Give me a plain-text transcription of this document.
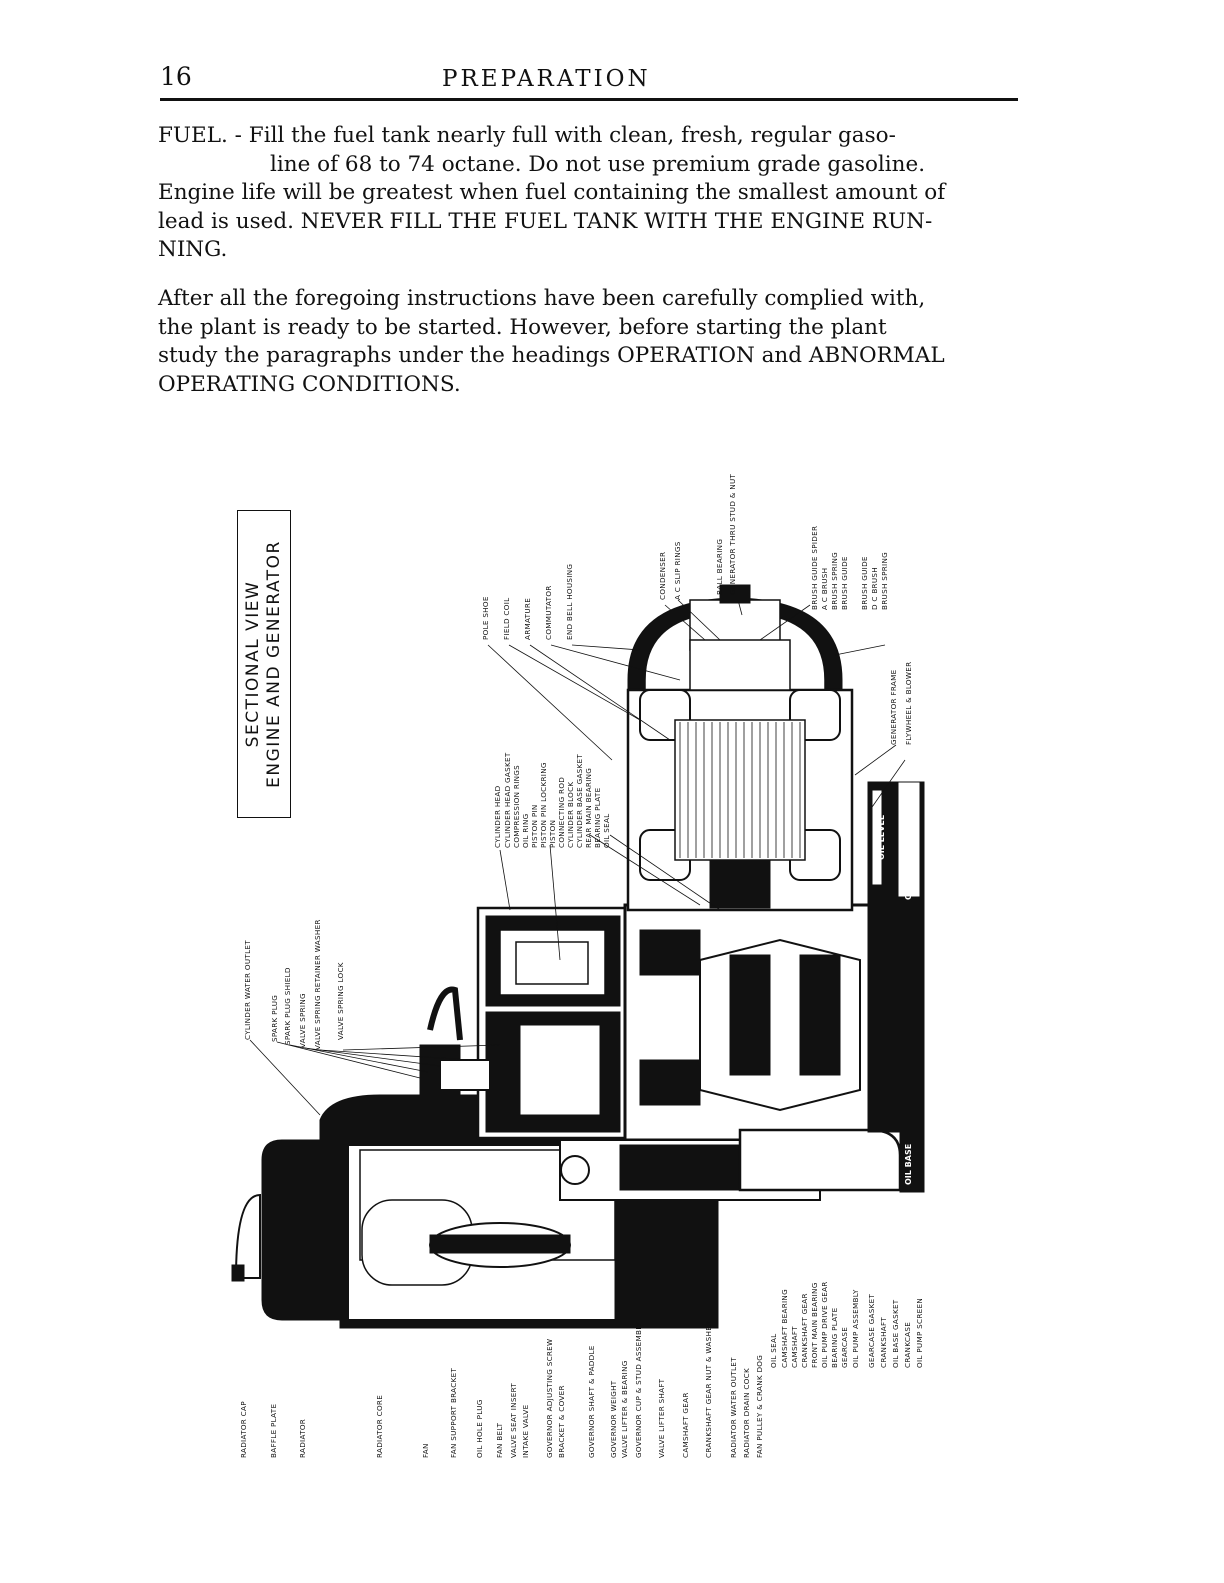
16	PREPARATION
FUEL. - Fill the fuel tank nearly full with clean, fresh, regular gaso-
line of 68 to 74 octane. Do not use premium grade gasoline.
Engine life will be greatest when fuel containing the smallest amount of
lead is used. NEVER FILL THE FUEL TANK WITH THE ENGINE RUN-
NING.
After all the foregoing instructions have been carefully complied with,
the plant is ready to be started. However, before starting the plant
study the paragraphs under the headings OPERATION and ABNORMAL
OPERATING CONDITIONS.
SECTIONAL VIEW ENGINE AND GENERATOR
OIL LEVEL OIL BY-PASS ASSEMBLY
OIL BASE
CYLINDER WATER OUTLET	SPARK PLUG SPARK PLUG SHIELD VALVE SPRING VALVE SPRING RETAINER WASHER VALVE SPRING LOCK
CYLINDER HEAD CYLINDER HEAD GASKET COMPRESSION RINGS OIL RING PISTON PIN PISTON PIN LOCKRING PISTON CONNECTING ROD CYLINDER BLOCK CYLINDER BASE GASKET REAR MAIN BEARING BEARING PLATE OIL SEAL
POLE SHOE FIELD COIL ARMATURE COMMUTATOR END BELL HOUSING	CONDENSER A C SLIP RINGS	BALL BEARING GENERATOR THRU STUD & NUT	BRUSH GUIDE SPIDER A C BRUSH BRUSH SPRING BRUSH GUIDE BRUSH GUIDE D C BRUSH BRUSH SPRING
GENERATOR FRAME FLYWHEEL & BLOWER
RADIATOR CAP	BAFFLE PLATE	RADIATOR	RADIATOR CORE	FAN	FAN SUPPORT BRACKET OIL HOLE PLUG FAN BELT VALVE SEAT INSERT INTAKE VALVE GOVERNOR ADJUSTING SCREW BRACKET & COVER	GOVERNOR SHAFT & PADDLE GOVERNOR WEIGHT VALVE LIFTER & BEARING GOVERNOR CUP & STUD ASSEMBLY VALVE LIFTER SHAFT CAMSHAFT GEAR CRANKSHAFT GEAR NUT & WASHER RADIATOR WATER OUTLET RADIATOR DRAIN COCK FAN PULLEY & CRANK DOG
OIL SEAL CAMSHAFT BEARING CAMSHAFT CRANKSHAFT GEAR FRONT MAIN BEARING OIL PUMP DRIVE GEAR BEARING PLATE GEARCASE OIL PUMP ASSEMBLY GEARCASE GASKET CRANKSHAFT OIL BASE GASKET CRANKCASE OIL PUMP SCREEN
